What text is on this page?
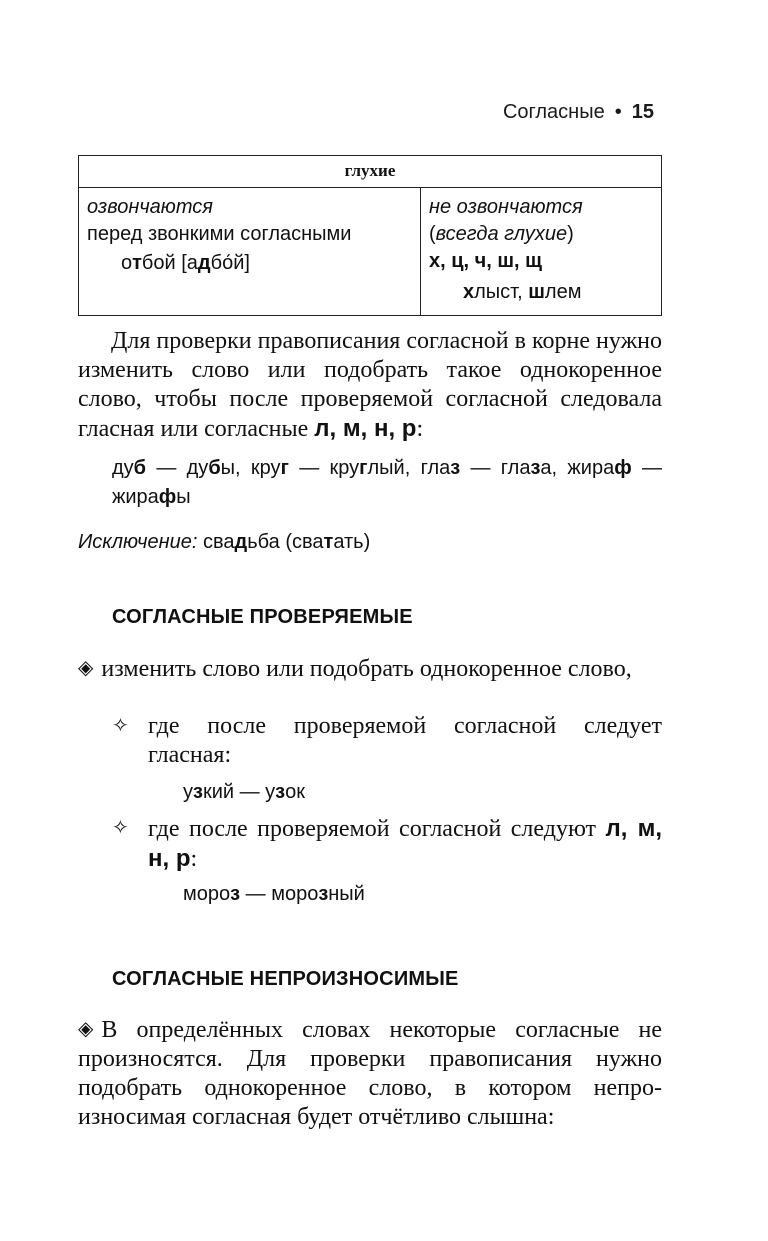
Согласные • 15
глухие
озвончаются
перед звонкими согласными
отбой [адбо́й]
не озвончаются
(всегда глухие)
х, ц, ч, ш, щ
хлыст, шлем
Для проверки правописания согласной в корне нужно изменить слово или подобрать такое однокоренное слово, чтобы после проверяемой согласной следовала гласная или согласные л, м, н, р:
дуб — дубы, круг — круглый, глаз — глаза, жираф — жирафы
Исключение: свадьба (сватать)
СОГЛАСНЫЕ ПРОВЕРЯЕМЫЕ
◈ изменить слово или подобрать однокоренное слово,
✧ где после проверяемой согласной следует гласная:
узкий — узок
✧ где после проверяемой согласной следуют л, м, н, р:
мороз — морозный
СОГЛАСНЫЕ НЕПРОИЗНОСИМЫЕ
◈ В определённых словах некоторые согласные не произносятся. Для проверки правописания нужно подобрать однокоренное слово, в котором непроизносимая согласная будет отчётливо слышна:
